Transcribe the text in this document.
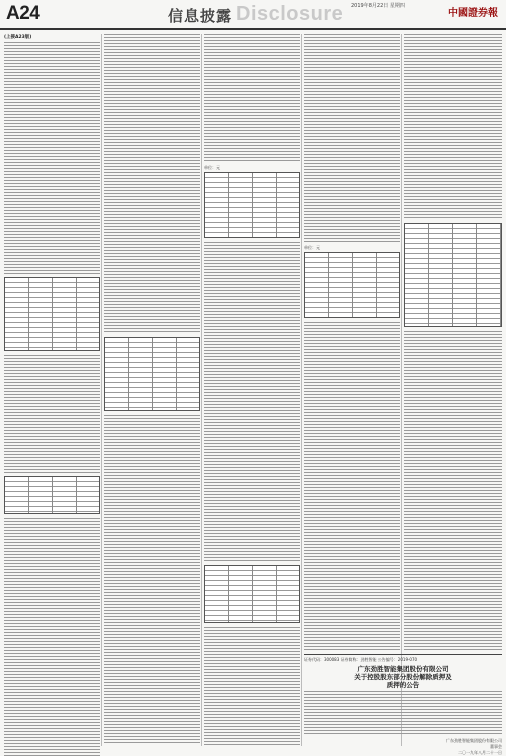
A24	信息披露 Disclosure 2019年8月22日 星期四
中國證券報
(上接A23版)
单位：元
单位：元
证券代码：300083 证券简称：劲胜智能 公告编号：2019-070
广东劲胜智能集团股份有限公司
关于控股股东部分股份解除质押及
质押的公告
广东劲胜智能集团股份有限公司
董事会
二〇一九年八月二十一日
